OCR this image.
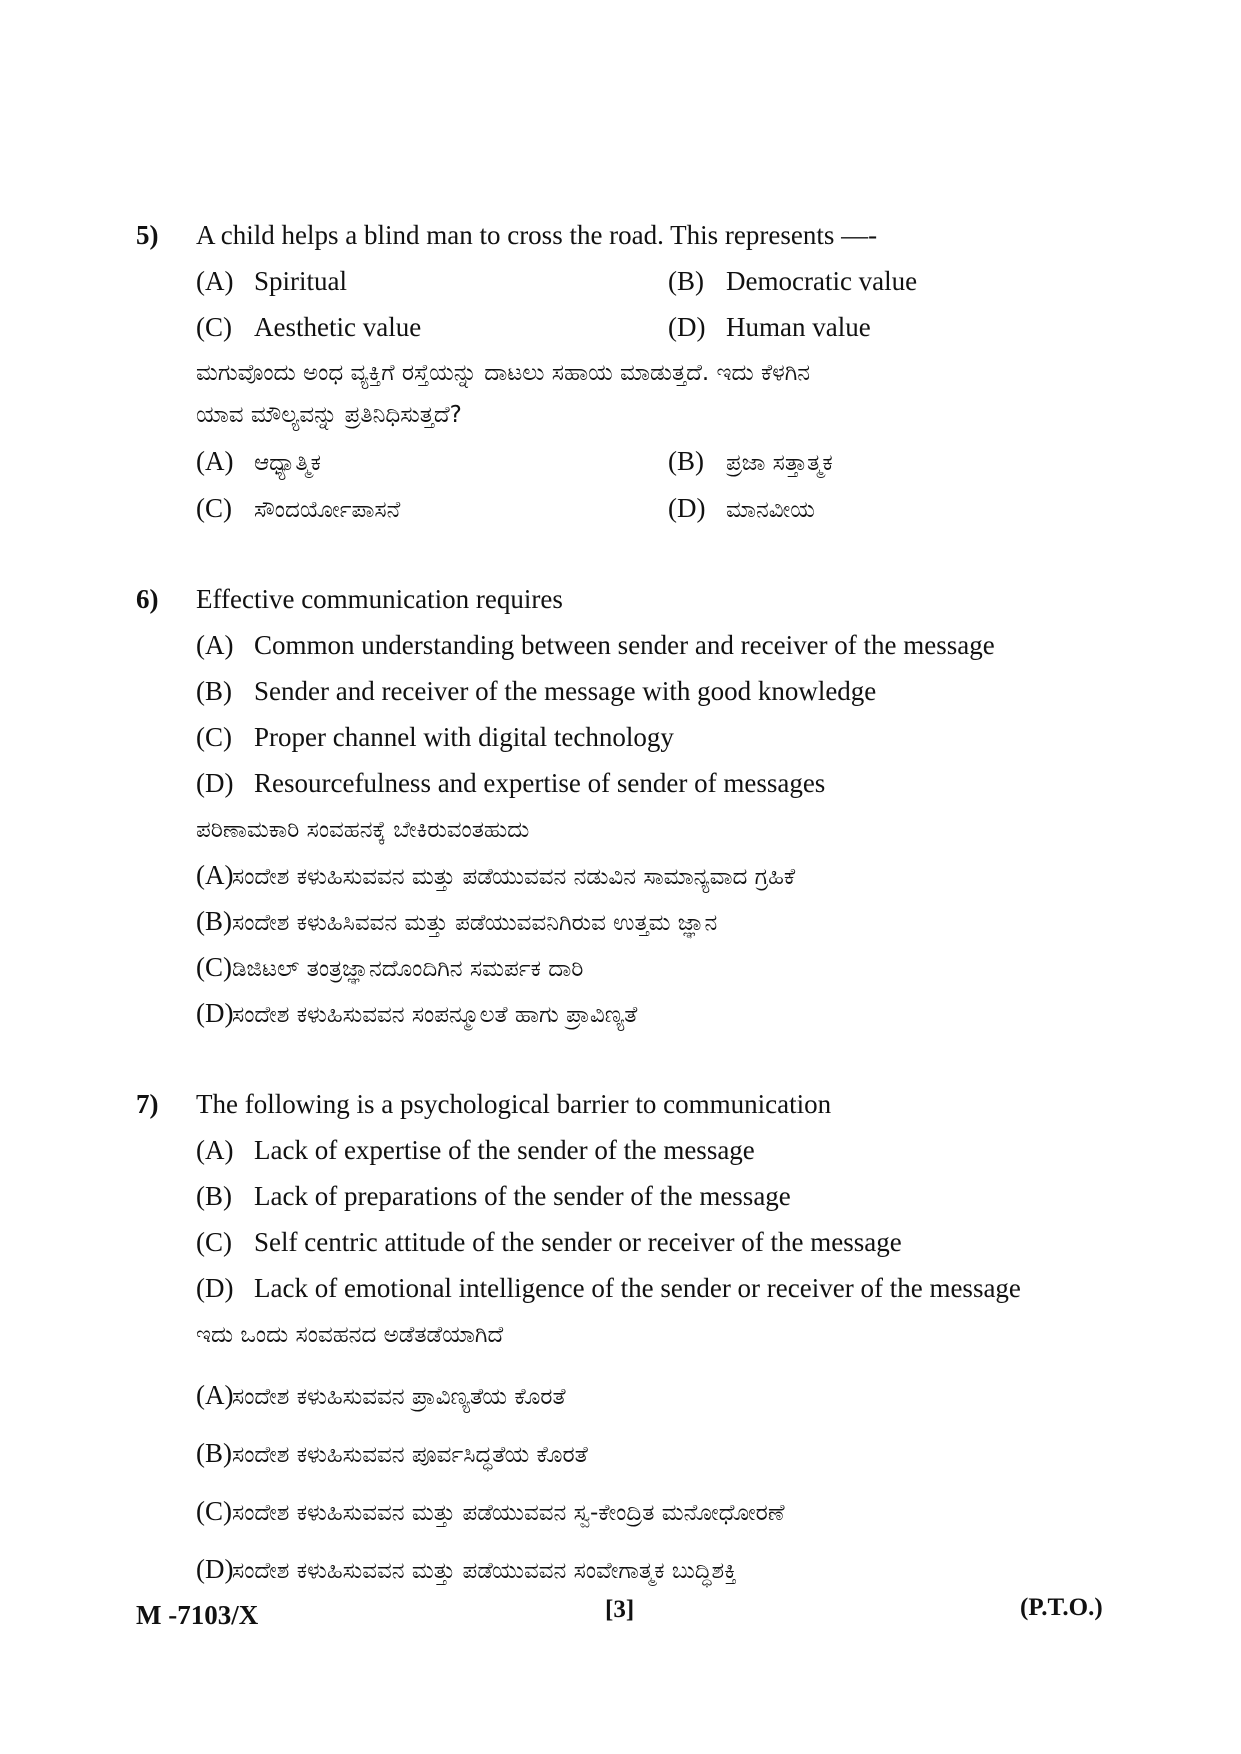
5) A child helps a blind man to cross the road. This represents —-
(A) Spiritual	(B) Democratic value
(C) Aesthetic value	(D) Human value
ಮಗುವೊಂದು ಅಂಧ ವ್ಯಕ್ತಿಗೆ ರಸ್ತೆಯನ್ನು ದಾಟಲು ಸಹಾಯ ಮಾಡುತ್ತದೆ. ಇದು ಕೆಳಗಿನ
ಯಾವ ಮೌಲ್ಯವನ್ನು ಪ್ರತಿನಿಧಿಸುತ್ತದೆ?
(A) ಆಧ್ಯಾತ್ಮಿಕ	(B) ಪ್ರಜಾ ಸತ್ತಾತ್ಮಕ
(C) ಸೌಂದರ್ಯೋಪಾಸನೆ	(D) ಮಾನವೀಯ
6) Effective communication requires
(A) Common understanding between sender and receiver of the message
(B) Sender and receiver of the message with good knowledge
(C) Proper channel with digital technology
(D) Resourcefulness and expertise of sender of messages
ಪರಿಣಾಮಕಾರಿ ಸಂವಹನಕ್ಕೆ ಬೇಕಿರುವಂತಹುದು
(A)ಸಂದೇಶ ಕಳುಹಿಸುವವನ ಮತ್ತು ಪಡೆಯುವವನ ನಡುವಿನ ಸಾಮಾನ್ಯವಾದ ಗ್ರಹಿಕೆ
(B)ಸಂದೇಶ ಕಳುಹಿಸಿವವನ ಮತ್ತು ಪಡೆಯುವವನಿಗಿರುವ ಉತ್ತಮ ಜ್ಞಾನ
(C)ಡಿಜಿಟಲ್ ತಂತ್ರಜ್ಞಾನದೊಂದಿಗಿನ ಸಮರ್ಪಕ ದಾರಿ
(D)ಸಂದೇಶ ಕಳುಹಿಸುವವನ ಸಂಪನ್ಮೂಲತೆ ಹಾಗು ಪ್ರಾವಿಣ್ಯತೆ
7) The following is a psychological barrier to communication
(A) Lack of expertise of the sender of the message
(B) Lack of preparations of the sender of the message
(C) Self centric attitude of the sender or receiver of the message
(D) Lack of emotional intelligence of the sender or receiver of the message
ಇದು ಒಂದು ಸಂವಹನದ ಅಡೆತಡೆಯಾಗಿದೆ
(A)ಸಂದೇಶ ಕಳುಹಿಸುವವನ ಪ್ರಾವಿಣ್ಯತೆಯ ಕೊರತೆ
(B)ಸಂದೇಶ ಕಳುಹಿಸುವವನ ಪೂರ್ವಸಿದ್ಧತೆಯ ಕೊರತೆ
(C)ಸಂದೇಶ ಕಳುಹಿಸುವವನ ಮತ್ತು ಪಡೆಯುವವನ ಸ್ವ-ಕೇಂದ್ರಿತ ಮನೋಧೋರಣೆ
(D)ಸಂದೇಶ ಕಳುಹಿಸುವವನ ಮತ್ತು ಪಡೆಯುವವನ ಸಂವೇಗಾತ್ಮಕ ಬುದ್ಧಿಶಕ್ತಿ
M -7103/X	[3]	(P.T.O.)
